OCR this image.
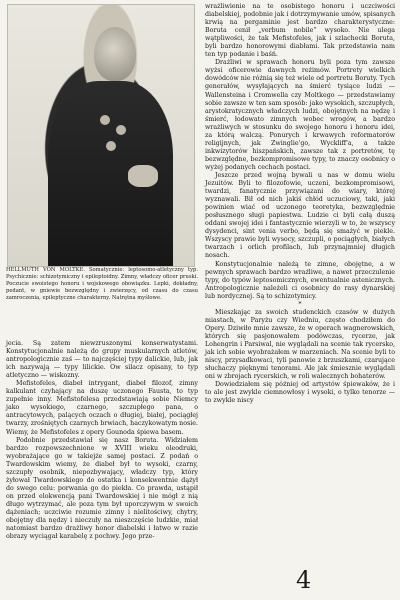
HELLMUTH VON MOLTKE. Somatycznie: leptosomo-atletyczny typ. Psychicznie: schizotymiczny i epileptoidny. Zimny, władczy oficer pruski. Poczucie swoistego honoru i wojskowego obowiązku. Lepki, dokładny, pedant, w gniewie bezwzględny i zwierzęcy, od czasu do czasu zamroczenia, epileptyczne charakterny. Natrętna myślowe.

jecia. Są zatem niewzruszonymi konserwatystami. Konstytucjonalnie należą do grupy muskularnych atletów, antropologicznie zaś — to najczęściej typy dalickie, lub, jak ich nazywają — typy lilickie. Ow silacz opisany, to typ atletyczno — wiskozny.

Mefistofeles, diabeł intrygant, diabeł filozof, zimny kalkulant czyhający na duszę uczonego Fausta, to typ zupełnie inny. Mefistofelesa przedstawiają sobie Niemcy jako wysokiego, czarnego, szczupłego pana, o antracytowych, palących oczach o długiej, białej, pociągłej twarzy, zrośniętych czarnych brwiach, haczykowatym nosie. Wiemy, że Mefistofeles z opery Gounoda śpiewa basem.

Podobnie przedstawiał się nasz Boruta. Widziałem bardzo rozpowszechnione w XVIII wieku oleodruki, wyobrażające go w takiejże samej postaci. Z podań o Twardowskim wiemy, że diabeł był to wysoki, czarny, szczupły osobnik, niepozbywający, władczy typ, który żyłował Twardowskiego do ostatka i konsekwentnie dążył do swego celu: porwania go do piekła. Co prawda, ustąpił on przed elokwencją pani Twardowskiej i nie mógł z nią długo wytrzymać, ale poza tym był uporczywym w swoich dążeniach; uczciwie rozumie zimny i nielitościwy, chytry, obojętny dla nędzy i nieczuły na nieszczęście ludzkie, miał natomiast bardzo drażliwy honor diabelski i łatwo w razie obrazy wyciągał karabelę z pochwy. Jego prze-

wrażliwienie na te osobistego honoru i uczciwości diabelskiej, podobnie jak i dotrzymywanie umów, spisanych krwią na pergaminie jest bardzo charakterystyczne: Boruta cenił „verbum nobile” wysoko. Nie ulega wątpliwości, że tak Mefistofeles, jak i szlachecki Boruta, byli bardzo honorowymi diabłami. Tak przedstawia nam ten typ podanie i baśń.

Drażliwi w sprawach honoru byli poza tym zawsze wyżsi oficerowie dawnych reżimów. Portrety wielkich dowódców nie różnią się też wiele od portretu Boruty. Tych generałów, wysyłających na śmierć tysiące ludzi — Wallensteina i Cromwella czy Moltkego — przedstawiamy sobie zawsze w ten sam sposób: jako wysokich, szczupłych, arystokratycznych władczych ludzi, obojętnych na nędzę i śmierć, łodowato zimnych wobec wrogów, a bardzo wrażliwych w stosunku do swojego honoru i honoru idei, za którą walczą. Ponurych i krwawych reformatorów religijnych, jak Zwinglie'go, Wyckliff'a, a także inkwizytorów hiszpańskich, zawsze tak z portretów, tę bezwzględne, bezkompromisowe typy, to znaczy osobnicy o wyżej podanych cechach postaci.

Jeszcze przed wojną bywali u nas w domu wielu Jezuitów. Byli to filozofowie, uczeni, bezkompromisowi, twardzi, fanatycznie przywiązani do wiary, której wyznawali. Bił od nich jakiś chłód uczuciowy, taki, jaki powinien wiać od uczonego teoretyka, bezwzględnie posłusznego sługi papiestwa. Ludzie ci byli całą duszą oddani swojej idei i fantastycznie wierzyli w to, że wszyscy dysydenci, sint venia verbo, będą się smażyć w piekle. Wszyscy prawie byli wysocy, szczupli, o pociągłych, białych twarzach i orlich profilach, lub przynajmniej długich nosach.

Konstytucjonalnie należą te zimne, obojętne, a w pewnych sprawach bardzo wrażliwe, a nawet przeczulenie typy, do typów leptosomicznych, ewentualnie astenicznych. Antropologicznie należeli ci osobnicy do rasy dynarskiej lub nordycznej. Są to schizotymicy.

*

Mieszkając za swoich studenckich czasów w dużych miastach, w Paryżu czy Wiedniu, często chodziłem do Opery. Dziwiło mnie zawsze, że w operach wagnerowskich, których się pasjonowałem podówczas, rycerze, jak Lohengrin i Parsiwal, nie wyglądali na scenie tak rycersko, jak ich sobie wyobrażałem w marzeniach. Na scenie byli to niscy, przysadkowaci, tyli panowie z brzuszkami, czarujące słuchaczy pięknymi tenorami. Ale jak śmiesznie wyglądali oni w zbrojach rycerskich, w roli walecznych bohaterów.

Dowiedziałem się później od artystów śpiewaków, że i to ale jest zwykle ciemnowłosy i wysoki, o tylko tenorze — to zwykle niscy

4
